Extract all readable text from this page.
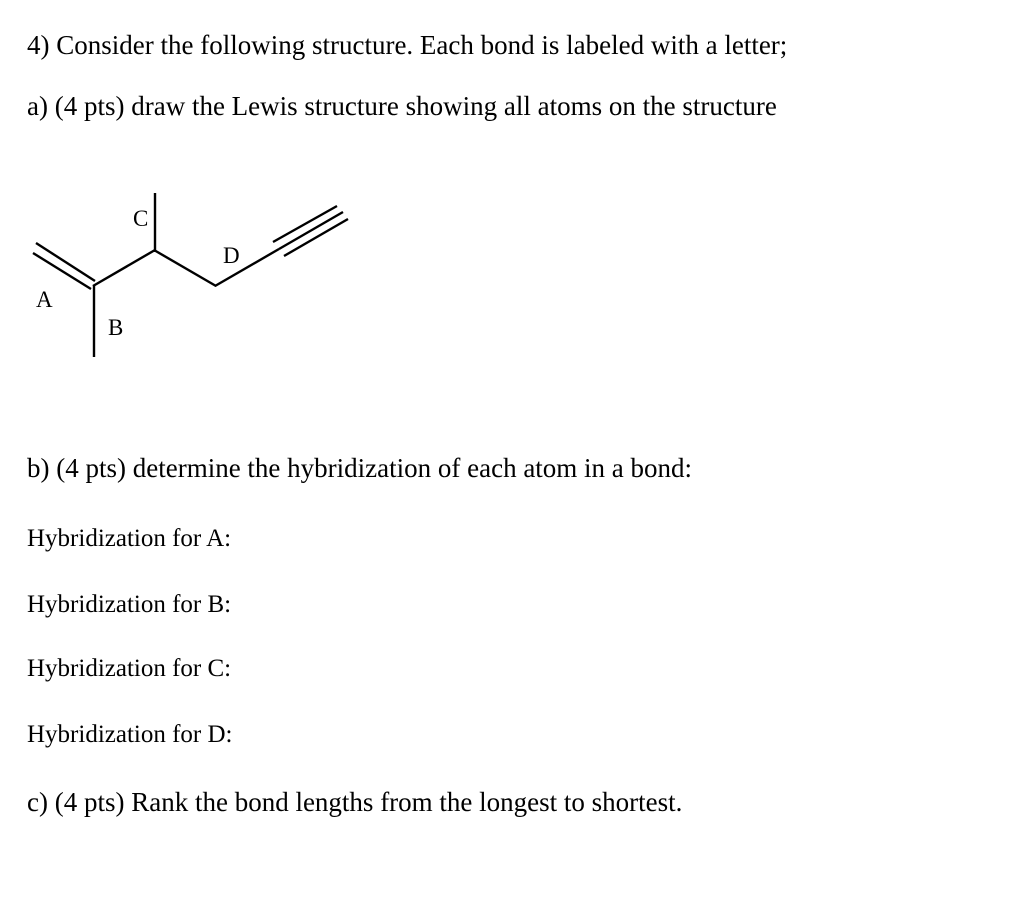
4) Consider the following structure. Each bond is labeled with a letter;
a) (4 pts) draw the Lewis structure showing all atoms on the structure
A
B
C
D
b) (4 pts) determine the hybridization of each atom in a bond:
Hybridization for A:
Hybridization for B:
Hybridization for C:
Hybridization for D:
c) (4 pts) Rank the bond lengths from the longest to shortest.
